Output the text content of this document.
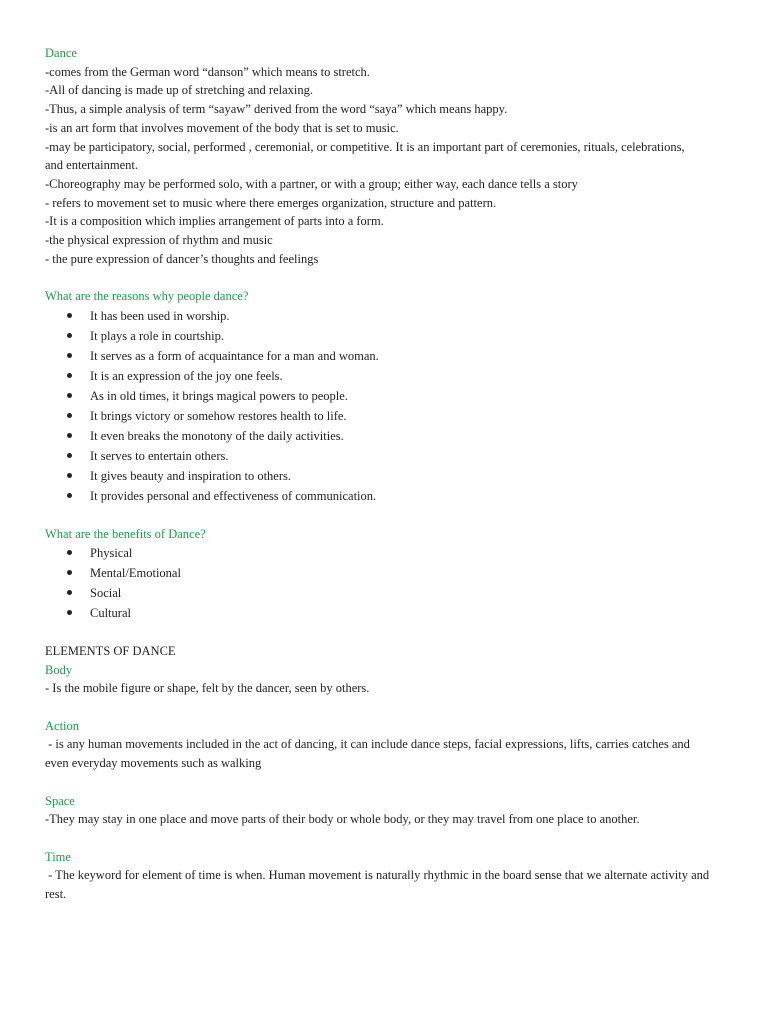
Dance
-comes from the German word “danson” which means to stretch.
-All of dancing is made up of stretching and relaxing.
-Thus, a simple analysis of term “sayaw” derived from the word “saya” which means happy.
-is an art form that involves movement of the body that is set to music.
-may be participatory, social, performed , ceremonial, or competitive. It is an important part of ceremonies, rituals, celebrations, and entertainment.
-Choreography may be performed solo, with a partner, or with a group; either way, each dance tells a story
- refers to movement set to music where there emerges organization, structure and pattern.
-It is a composition which implies arrangement of parts into a form.
-the physical expression of rhythm and music
- the pure expression of dancer’s thoughts and feelings
What are the reasons why people dance?
It has been used in worship.
It plays a role in courtship.
It serves as a form of acquaintance for a man and woman.
It is an expression of the joy one feels.
As in old times, it brings magical powers to people.
It brings victory or somehow restores health to life.
It even breaks the monotony of the daily activities.
It serves to entertain others.
It gives beauty and inspiration to others.
It provides personal and effectiveness of communication.
What are the benefits of Dance?
Physical
Mental/Emotional
Social
Cultural
ELEMENTS OF DANCE
Body
- Is the mobile figure or shape, felt by the dancer, seen by others.
Action
- is any human movements included in the act of dancing, it can include dance steps, facial expressions, lifts, carries catches and even everyday movements such as walking
Space
-They may stay in one place and move parts of their body or whole body, or they may travel from one place to another.
Time
- The keyword for element of time is when. Human movement is naturally rhythmic in the board sense that we alternate activity and rest.
